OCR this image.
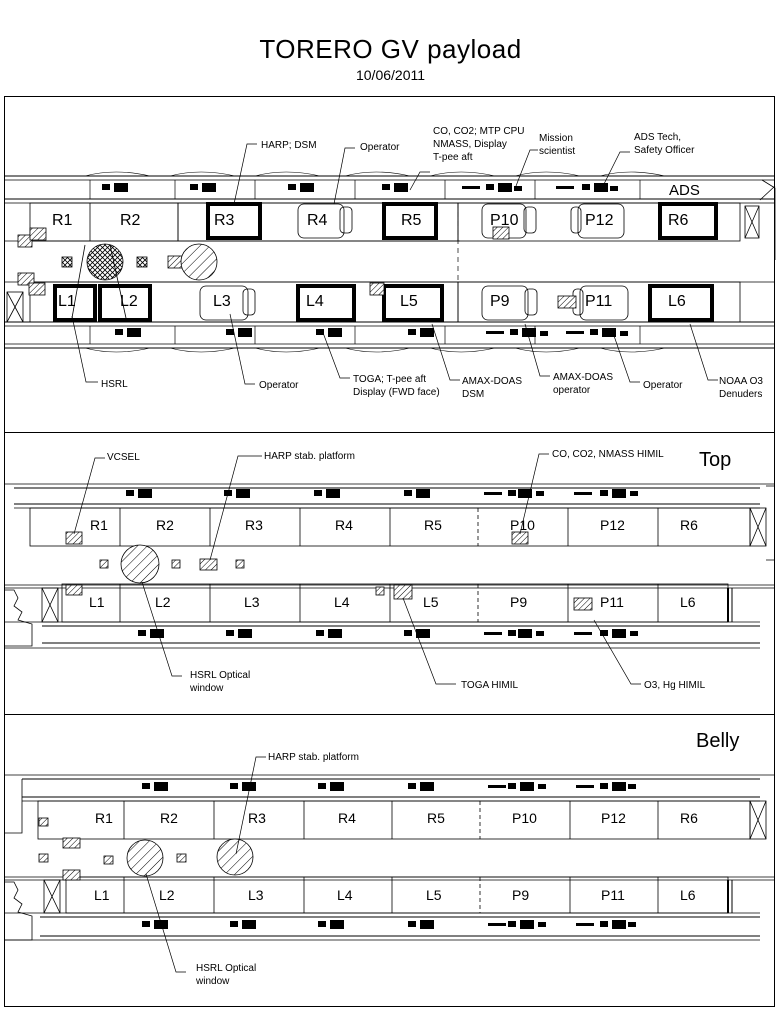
TORERO GV payload
10/06/2011
Top
Belly
R1	R2	R3	R4	R5	P10	P12	R6
L1	L2	L3	L4	L5	P9	P11	L6
ADS
HARP; DSM	Operator
CO, CO2; MTP CPU
NMASS, Display
T-pee aft
Mission
scientist
ADS Tech,
Safety Officer
HSRL	Operator
TOGA; T-pee aft
Display (FWD face)
AMAX-DOAS
DSM
AMAX-DOAS
operator	Operator	NOAA O3
Denuders
R1	R2	R3	R4	R5	P10	P12	R6
L1	L2	L3	L4	L5	P9	P11	L6
VCSEL	HARP stab. platform	CO, CO2, NMASS HIMIL
HSRL Optical
window	TOGA HIMIL	O3, Hg HIMIL
R1	R2	R3	R4	R5	P10	P12	R6
L1	L2	L3	L4	L5	P9	P11	L6
HARP stab. platform
HSRL Optical
window
